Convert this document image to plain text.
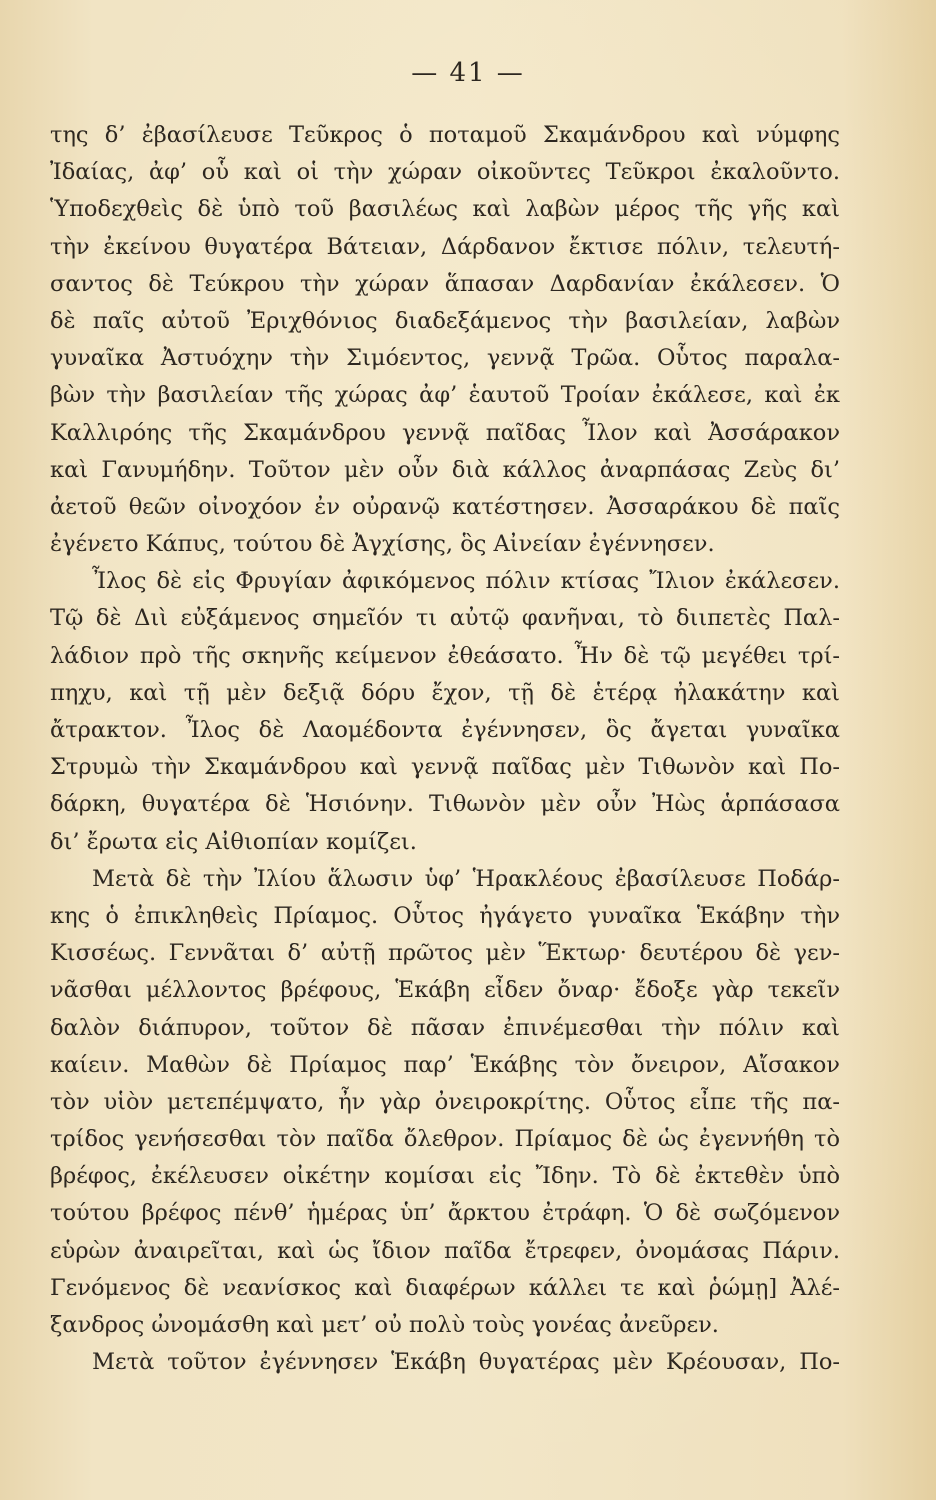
— 41 —
της δ’ ἐβασίλευσε Τεῦκρος ὁ ποταμοῦ Σκαμάνδρου καὶ νύμφης
Ἰδαίας, ἀφ’ οὗ καὶ οἱ τὴν χώραν οἰκοῦντες Τεῦκροι ἐκαλοῦντο.
Ὑποδεχθεὶς δὲ ὑπὸ τοῦ βασιλέως καὶ λαβὼν μέρος τῆς γῆς καὶ
τὴν ἐκείνου θυγατέρα Βάτειαν, Δάρδανον ἔκτισε πόλιν, τελευτή-
σαντος δὲ Τεύκρου τὴν χώραν ἅπασαν Δαρδανίαν ἐκάλεσεν. Ὁ
δὲ παῖς αὐτοῦ Ἐριχθόνιος διαδεξάμενος τὴν βασιλείαν, λαβὼν
γυναῖκα Ἀστυόχην τὴν Σιμόεντος, γεννᾷ Τρῶα. Οὗτος παραλα-
βὼν τὴν βασιλείαν τῆς χώρας ἀφ’ ἑαυτοῦ Τροίαν ἐκάλεσε, καὶ ἐκ
Καλλιρόης τῆς Σκαμάνδρου γεννᾷ παῖδας Ἶλον καὶ Ἀσσάρακον
καὶ Γανυμήδην. Τοῦτον μὲν οὖν διὰ κάλλος ἀναρπάσας Ζεὺς δι’
ἀετοῦ θεῶν οἰνοχόον ἐν οὐρανῷ κατέστησεν. Ἀσσαράκου δὲ παῖς
ἐγένετο Κάπυς, τούτου δὲ Ἀγχίσης, ὃς Αἰνείαν ἐγέννησεν.
Ἶλος δὲ εἰς Φρυγίαν ἀφικόμενος πόλιν κτίσας Ἴλιον ἐκάλεσεν.
Τῷ δὲ Διὶ εὐξάμενος σημεῖόν τι αὐτῷ φανῆναι, τὸ διιπετὲς Παλ-
λάδιον πρὸ τῆς σκηνῆς κείμενον ἐθεάσατο. Ἦν δὲ τῷ μεγέθει τρί-
πηχυ, καὶ τῇ μὲν δεξιᾷ δόρυ ἔχον, τῇ δὲ ἑτέρᾳ ἠλακάτην καὶ
ἄτρακτον. Ἶλος δὲ Λαομέδοντα ἐγέννησεν, ὃς ἄγεται γυναῖκα
Στρυμὼ τὴν Σκαμάνδρου καὶ γεννᾷ παῖδας μὲν Τιθωνὸν καὶ Πο-
δάρκη, θυγατέρα δὲ Ἡσιόνην. Τιθωνὸν μὲν οὖν Ἠὼς ἁρπάσασα
δι’ ἔρωτα εἰς Αἰθιοπίαν κομίζει.
Μετὰ δὲ τὴν Ἰλίου ἅλωσιν ὑφ’ Ἡρακλέους ἐβασίλευσε Ποδάρ-
κης ὁ ἐπικληθεὶς Πρίαμος. Οὗτος ἠγάγετο γυναῖκα Ἑκάβην τὴν
Κισσέως. Γεννᾶται δ’ αὐτῇ πρῶτος μὲν Ἕκτωρ· δευτέρου δὲ γεν-
νᾶσθαι μέλλοντος βρέφους, Ἑκάβη εἶδεν ὄναρ· ἔδοξε γὰρ τεκεῖν
δαλὸν διάπυρον, τοῦτον δὲ πᾶσαν ἐπινέμεσθαι τὴν πόλιν καὶ
καίειν. Μαθὼν δὲ Πρίαμος παρ’ Ἑκάβης τὸν ὄνειρον, Αἴσακον
τὸν υἱὸν μετεπέμψατο, ἦν γὰρ ὀνειροκρίτης. Οὗτος εἶπε τῆς πα-
τρίδος γενήσεσθαι τὸν παῖδα ὄλεθρον. Πρίαμος δὲ ὡς ἐγεννήθη τὸ
βρέφος, ἐκέλευσεν οἰκέτην κομίσαι εἰς Ἴδην. Τὸ δὲ ἐκτεθὲν ὑπὸ
τούτου βρέφος πένθ’ ἡμέρας ὑπ’ ἄρκτου ἐτράφη. Ὁ δὲ σωζόμενον
εὑρὼν ἀναιρεῖται, καὶ ὡς ἴδιον παῖδα ἔτρεφεν, ὀνομάσας Πάριν.
Γενόμενος δὲ νεανίσκος καὶ διαφέρων κάλλει τε καὶ ῥώμῃ] Ἀλέ-
ξανδρος ὠνομάσθη καὶ μετ’ οὐ πολὺ τοὺς γονέας ἀνεῦρεν.
Μετὰ τοῦτον ἐγέννησεν Ἑκάβη θυγατέρας μὲν Κρέουσαν, Πο-
